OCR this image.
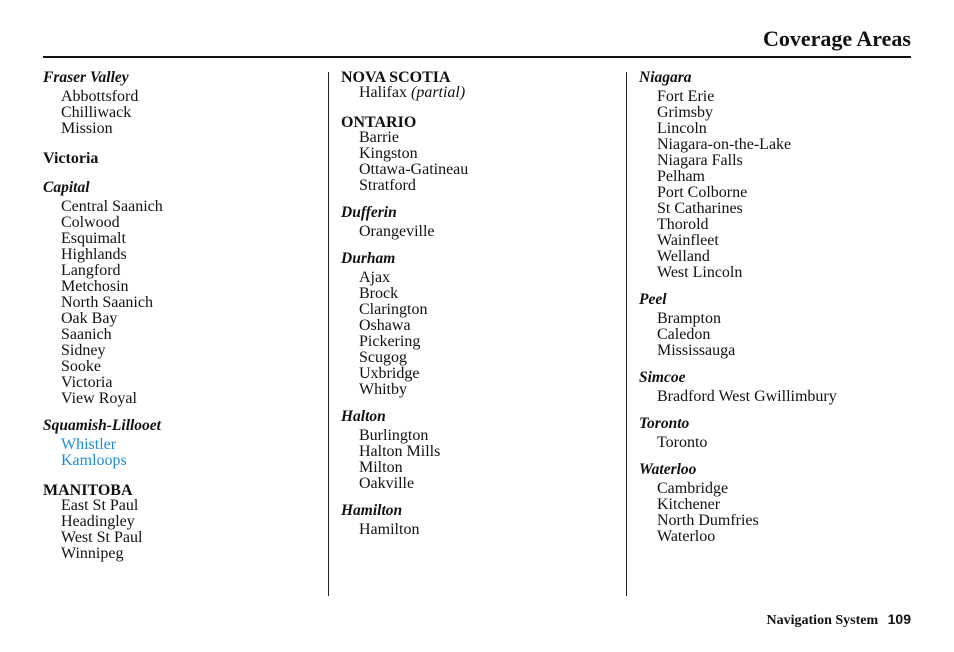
Coverage Areas
Fraser Valley
Abbottsford
Chilliwack
Mission
Victoria
Capital
Central Saanich
Colwood
Esquimalt
Highlands
Langford
Metchosin
North Saanich
Oak Bay
Saanich
Sidney
Sooke
Victoria
View Royal
Squamish-Lillooet
Whistler
Kamloops
MANITOBA
East St Paul
Headingley
West St Paul
Winnipeg
NOVA SCOTIA
Halifax (partial)
ONTARIO
Barrie
Kingston
Ottawa-Gatineau
Stratford
Dufferin
Orangeville
Durham
Ajax
Brock
Clarington
Oshawa
Pickering
Scugog
Uxbridge
Whitby
Halton
Burlington
Halton Mills
Milton
Oakville
Hamilton
Hamilton
Niagara
Fort Erie
Grimsby
Lincoln
Niagara-on-the-Lake
Niagara Falls
Pelham
Port Colborne
St Catharines
Thorold
Wainfleet
Welland
West Lincoln
Peel
Brampton
Caledon
Mississauga
Simcoe
Bradford West Gwillimbury
Toronto
Toronto
Waterloo
Cambridge
Kitchener
North Dumfries
Waterloo
Navigation System 109
